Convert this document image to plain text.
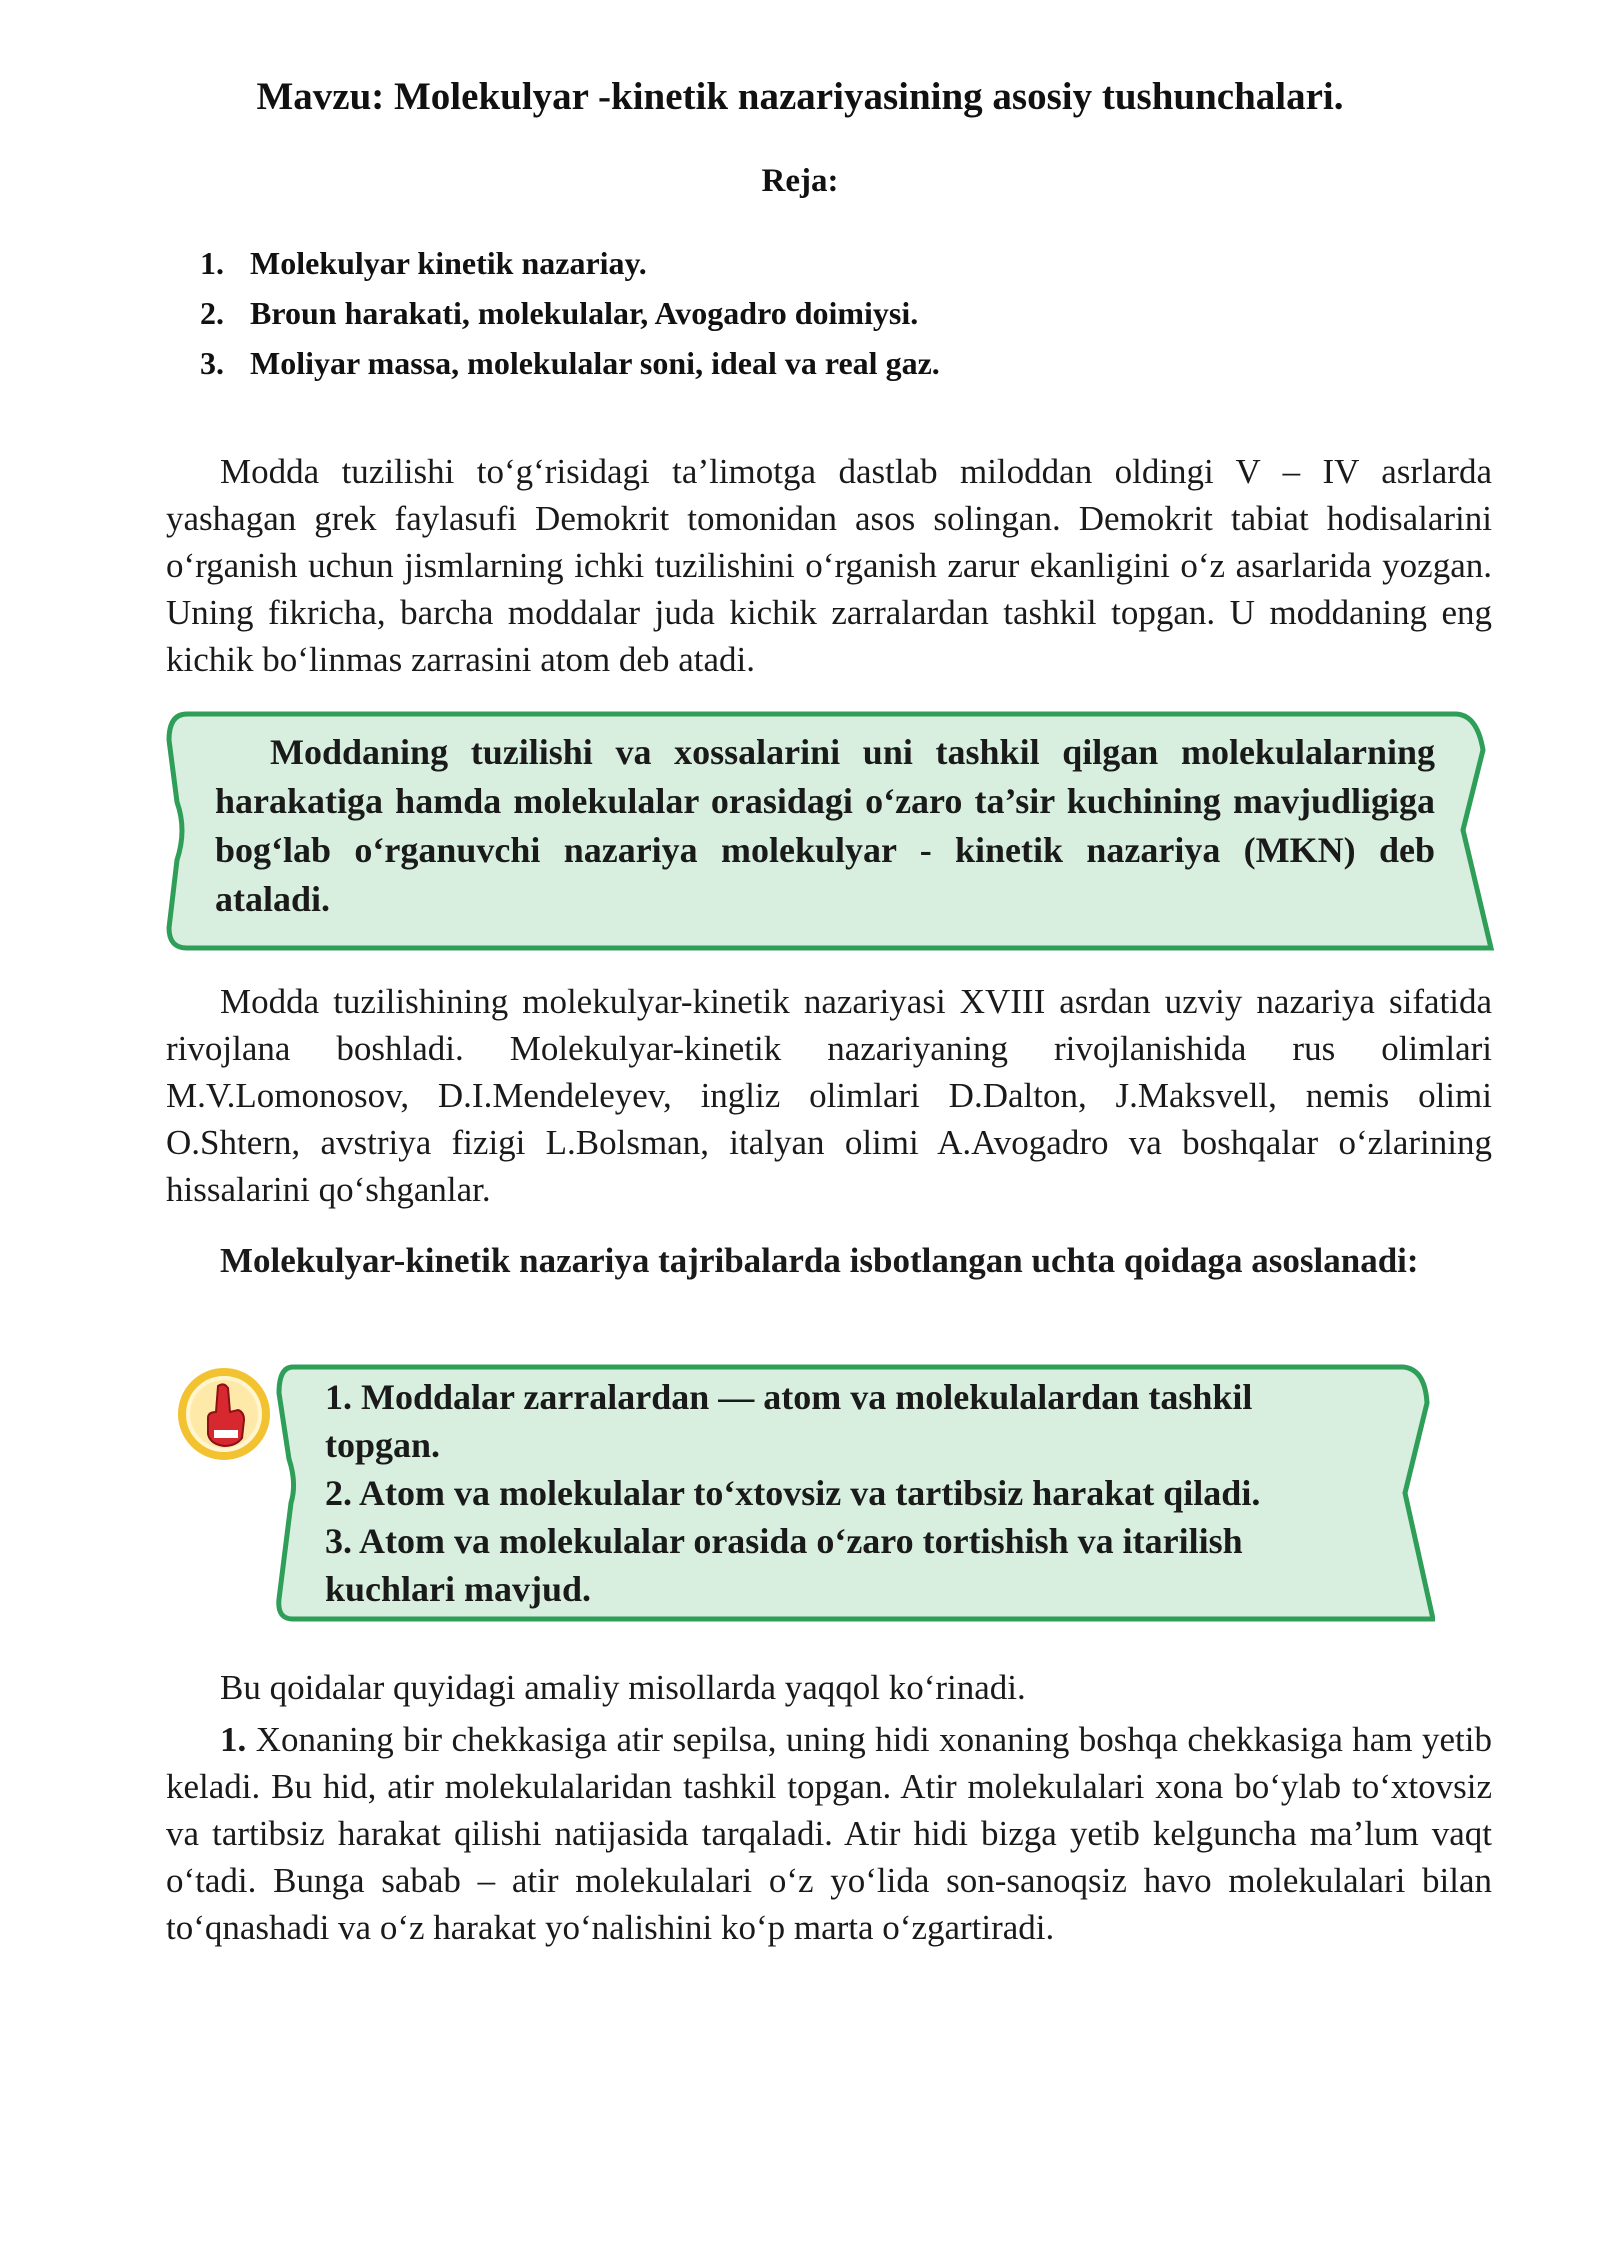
Mavzu: Molekulyar -kinetik nazariyasining asosiy tushunchalari.
Reja:
1. Molekulyar kinetik nazariay.
2. Broun harakati, molekulalar, Avogadro doimiysi.
3. Moliyar massa, molekulalar soni, ideal va real gaz.
Modda tuzilishi to‘g‘risidagi ta’limotga dastlab miloddan oldingi V – IV asrlarda yashagan grek faylasufi Demokrit tomonidan asos solingan. Demokrit tabiat hodisalarini o‘rganish uchun jismlarning ichki tuzilishini o‘rganish zarur ekanligini o‘z asarlarida yozgan. Uning fikricha, barcha moddalar juda kichik zarralardan tashkil topgan. U moddaning eng kichik bo‘linmas zarrasini atom deb atadi.
Moddaning tuzilishi va xossalarini uni tashkil qilgan molekulalarning harakatiga hamda molekulalar orasidagi o‘zaro ta’sir kuchining mavjudligiga bog‘lab o‘rganuvchi nazariya molekulyar - kinetik nazariya (MKN) deb ataladi.

Modda tuzilishining molekulyar-kinetik nazariyasi XVIII asrdan uzviy nazariya sifatida rivojlana boshladi. Molekulyar-kinetik nazariyaning rivojlanishida rus olimlari M.V.Lomonosov, D.I.Mendeleyev, ingliz olimlari D.Dalton, J.Maksvell, nemis olimi O.Shtern, avstriya fizigi L.Bolsman, italyan olimi A.Avogadro va boshqalar o‘zlarining hissalarini qo‘shganlar.

Molekulyar-kinetik nazariya tajribalarda isbotlangan uchta qoidaga asoslanadi:

1. Moddalar zarralardan — atom va molekulalardan tashkil
topgan.
2. Atom va molekulalar to‘xtovsiz va tartibsiz harakat qiladi.
3. Atom va molekulalar orasida o‘zaro tortishish va itarilish
kuchlari mavjud.

Bu qoidalar quyidagi amaliy misollarda yaqqol ko‘rinadi.

1. Xonaning bir chekkasiga atir sepilsa, uning hidi xonaning boshqa chekkasiga ham yetib keladi. Bu hid, atir molekulalaridan tashkil topgan. Atir molekulalari xona bo‘ylab to‘xtovsiz va tartibsiz harakat qilishi natijasida tarqaladi. Atir hidi bizga yetib kelguncha ma’lum vaqt o‘tadi. Bunga sabab – atir molekulalari o‘z yo‘lida son-sanoqsiz havo molekulalari bilan to‘qnashadi va o‘z harakat yo‘nalishini ko‘p marta o‘zgartiradi.
